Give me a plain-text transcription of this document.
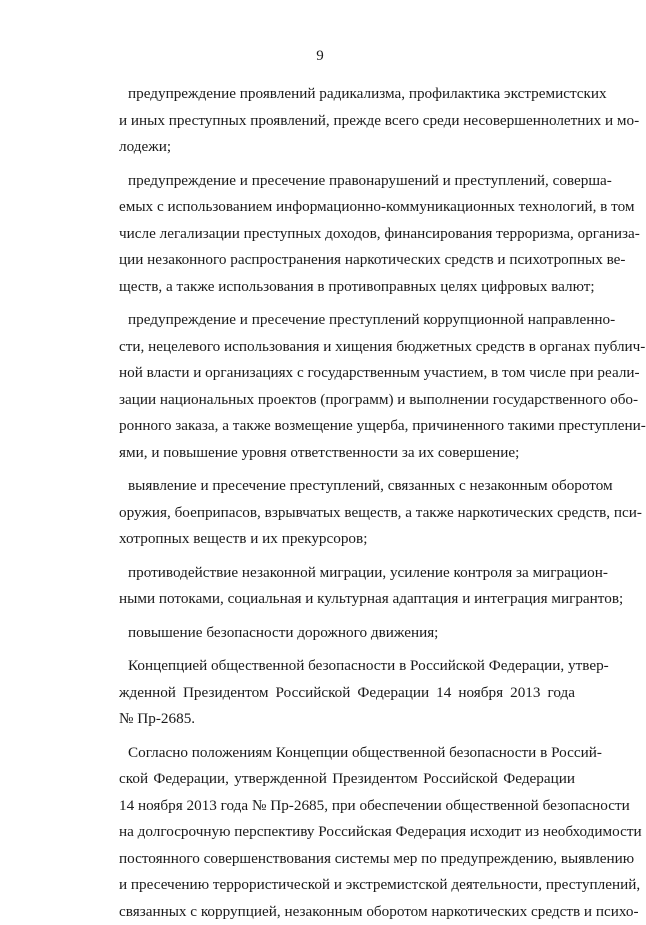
9
предупреждение проявлений радикализма, профилактика экстремистских
и иных преступных проявлений, прежде всего среди несовершеннолетних и мо-
лодежи;
предупреждение и пресечение правонарушений и преступлений, соверша-
емых с использованием информационно-коммуникационных технологий, в том
числе легализации преступных доходов, финансирования терроризма, организа-
ции незаконного распространения наркотических средств и психотропных ве-
ществ, а также использования в противоправных целях цифровых валют;
предупреждение и пресечение преступлений коррупционной направленно-
сти, нецелевого использования и хищения бюджетных средств в органах публич-
ной власти и организациях с государственным участием, в том числе при реали-
зации национальных проектов (программ) и выполнении государственного обо-
ронного заказа, а также возмещение ущерба, причиненного такими преступлени-
ями, и повышение уровня ответственности за их совершение;
выявление и пресечение преступлений, связанных с незаконным оборотом
оружия, боеприпасов, взрывчатых веществ, а также наркотических средств, пси-
хотропных веществ и их прекурсоров;
противодействие незаконной миграции, усиление контроля за миграцион-
ными потоками, социальная и культурная адаптация и интеграция мигрантов;
повышение безопасности дорожного движения;
Концепцией общественной безопасности в Российской Федерации, утвер-
жденной Президентом Российской Федерации 14 ноября 2013 года
№ Пр-2685.
Согласно положениям Концепции общественной безопасности в Россий-
ской Федерации, утвержденной Президентом Российской Федерации
14 ноября 2013 года № Пр-2685, при обеспечении общественной безопасности
на долгосрочную перспективу Российская Федерация исходит из необходимости
постоянного совершенствования системы мер по предупреждению, выявлению
и пресечению террористической и экстремистской деятельности, преступлений,
связанных с коррупцией, незаконным оборотом наркотических средств и психо-
